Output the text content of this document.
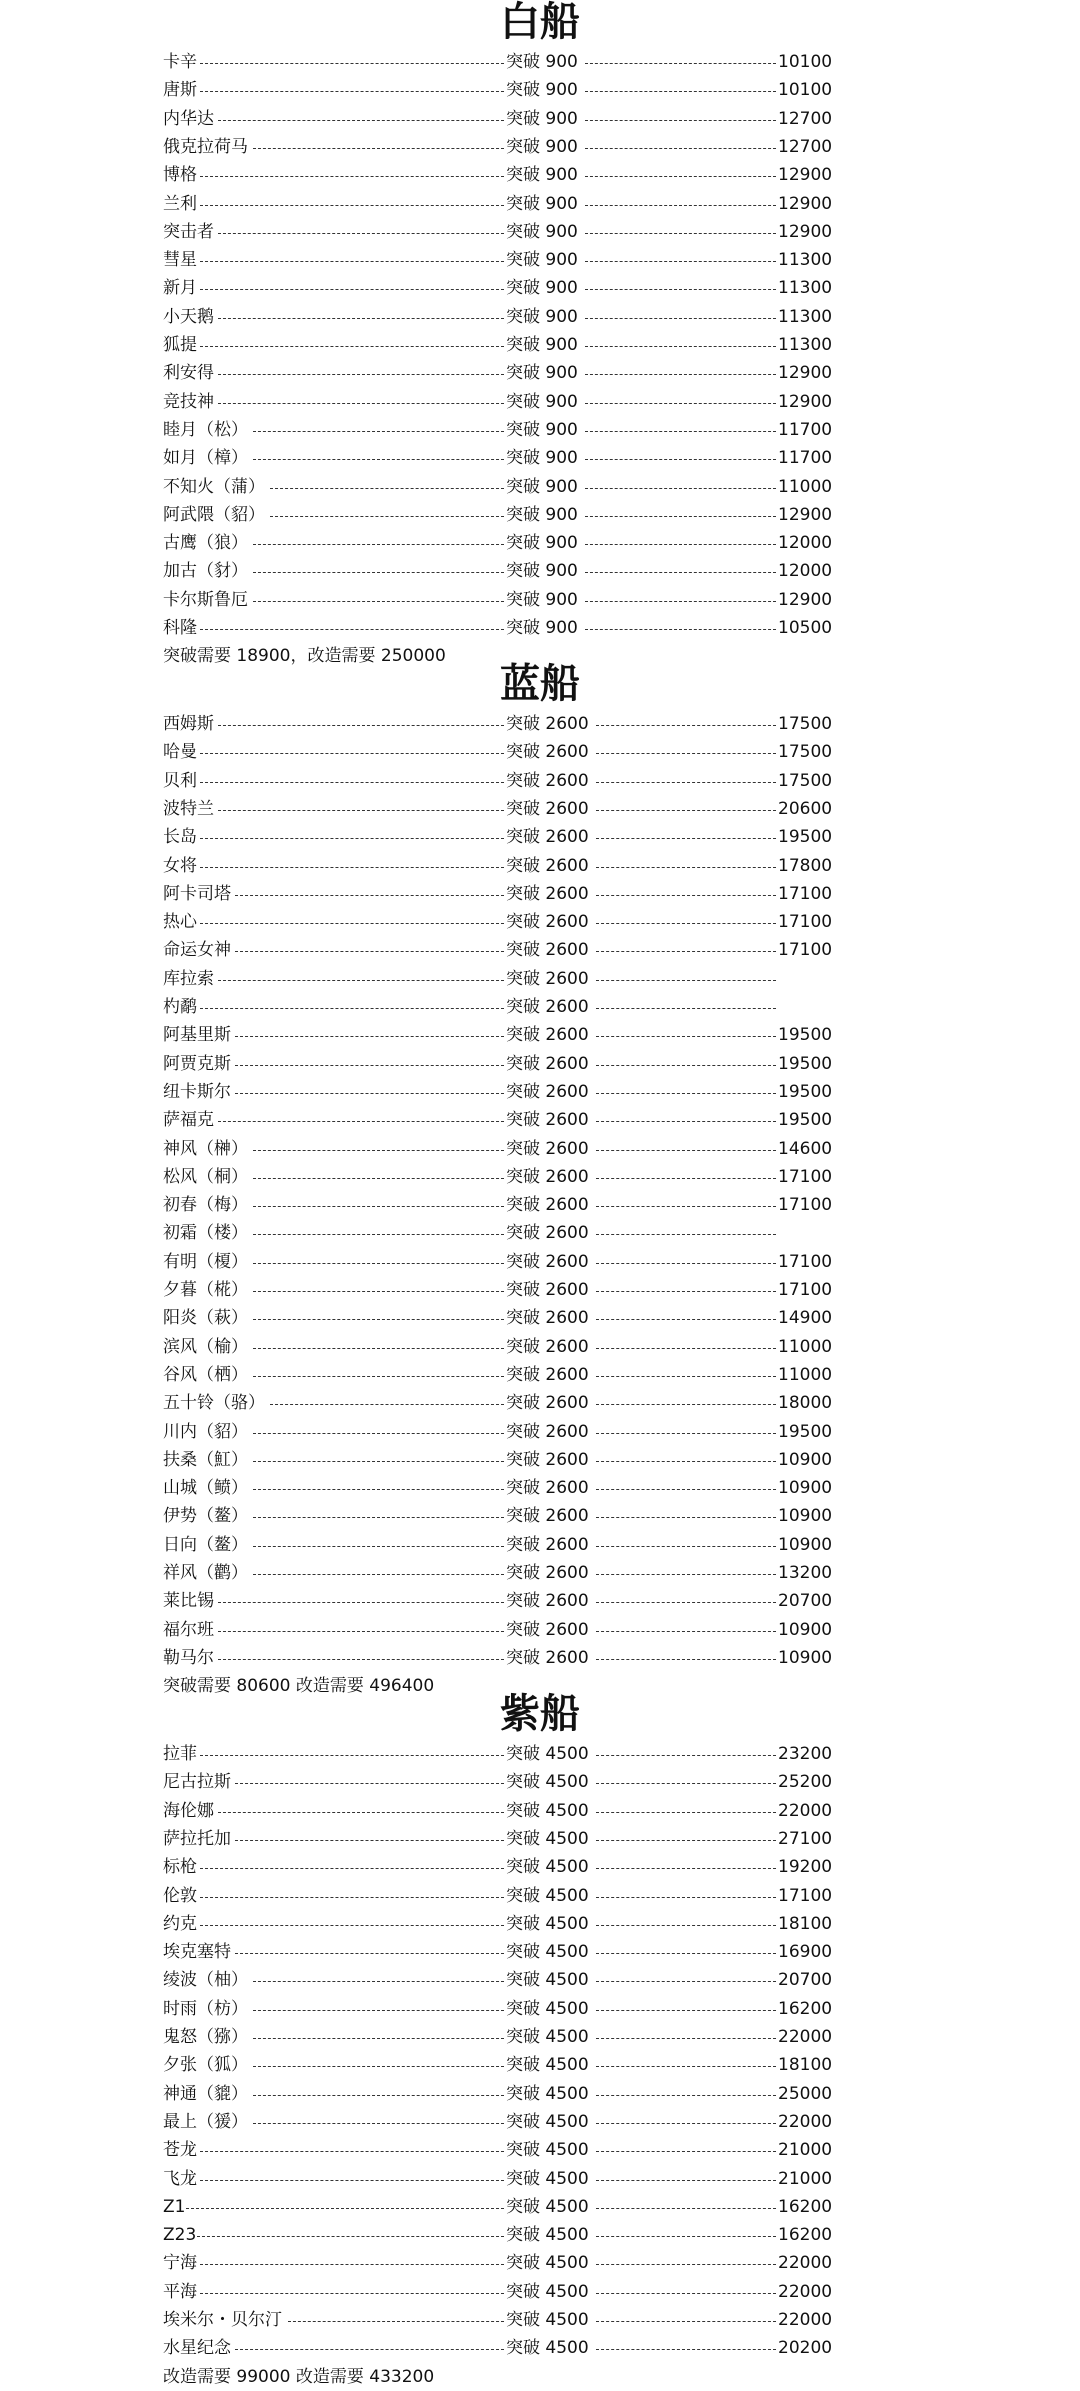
白船
卡辛	突破 900	10100
唐斯	突破 900	10100
内华达	突破 900	12700
俄克拉荷马	突破 900	12700
博格	突破 900	12900
兰利	突破 900	12900
突击者	突破 900	12900
彗星	突破 900	11300
新月	突破 900	11300
小天鹅	突破 900	11300
狐提	突破 900	11300
利安得	突破 900	12900
竞技神	突破 900	12900
睦月（松）	突破 900	11700
如月（樟）	突破 900	11700
不知火（蒲）	突破 900	11000
阿武隈（貂）	突破 900	12900
古鹰（狼）	突破 900	12000
加古（豺）	突破 900	12000
卡尔斯鲁厄	突破 900	12900
科隆	突破 900	10500
突破需要 18900，改造需要 250000
蓝船
西姆斯	突破 2600	17500
哈曼	突破 2600	17500
贝利	突破 2600	17500
波特兰	突破 2600	20600
长岛	突破 2600	19500
女将	突破 2600	17800
阿卡司塔	突破 2600	17100
热心	突破 2600	17100
命运女神	突破 2600	17100
库拉索	突破 2600
杓鹬	突破 2600
阿基里斯	突破 2600	19500
阿贾克斯	突破 2600	19500
纽卡斯尔	突破 2600	19500
萨福克	突破 2600	19500
神风（榊）	突破 2600	14600
松风（桐）	突破 2600	17100
初春（梅）	突破 2600	17100
初霜（楼）	突破 2600
有明（榎）	突破 2600	17100
夕暮（椛）	突破 2600	17100
阳炎（萩）	突破 2600	14900
滨风（榆）	突破 2600	11000
谷风（栖）	突破 2600	11000
五十铃（骆）	突破 2600	18000
川内（貂）	突破 2600	19500
扶桑（魟）	突破 2600	10900
山城（鲼）	突破 2600	10900
伊势（鳌）	突破 2600	10900
日向（鳌）	突破 2600	10900
祥风（鹳）	突破 2600	13200
莱比锡	突破 2600	20700
福尔班	突破 2600	10900
勒马尔	突破 2600	10900
突破需要 80600 改造需要 496400
紫船
拉菲	突破 4500	23200
尼古拉斯	突破 4500	25200
海伦娜	突破 4500	22000
萨拉托加	突破 4500	27100
标枪	突破 4500	19200
伦敦	突破 4500	17100
约克	突破 4500	18100
埃克塞特	突破 4500	16900
绫波（柚）	突破 4500	20700
时雨（枋）	突破 4500	16200
鬼怒（猕）	突破 4500	22000
夕张（狐）	突破 4500	18100
神通（貔）	突破 4500	25000
最上（猨）	突破 4500	22000
苍龙	突破 4500	21000
飞龙	突破 4500	21000
Z1	突破 4500	16200
Z23	突破 4500	16200
宁海	突破 4500	22000
平海	突破 4500	22000
埃米尔・贝尔汀	突破 4500	22000
水星纪念	突破 4500	20200
改造需要 99000 改造需要 433200
